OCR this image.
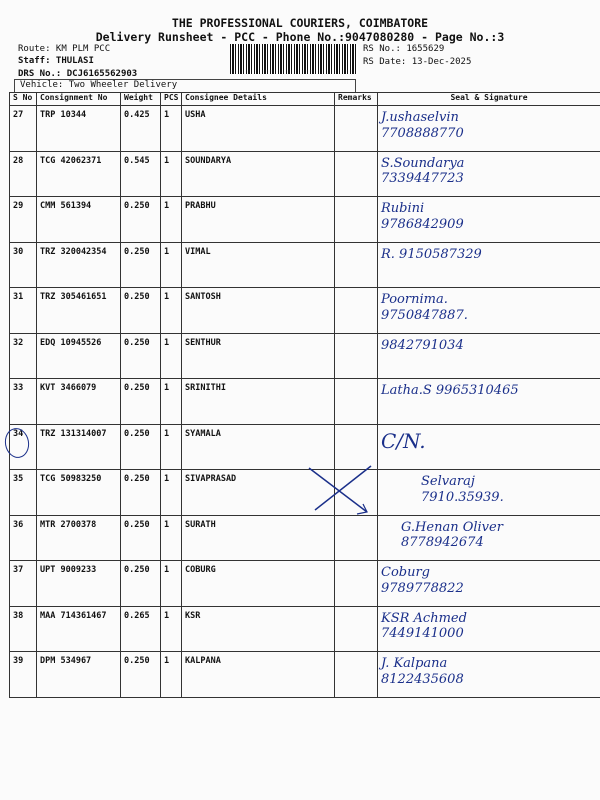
THE PROFESSIONAL COURIERS, COIMBATORE
Delivery Runsheet - PCC - Phone No.:9047080280 - Page No.:3
Route: KM PLM PCC
Staff: THULASI
DRS No.: DCJ6165562903
RS No.: 1655629
RS Date: 13-Dec-2025
Vehicle: Two Wheeler Delivery
S No	Consignment No	Weight	PCS	Consignee Details	Remarks	Seal & Signature
27	TRP 10344	0.425	1	USHA		J.ushaselvin
7708888770

28	TCG 42062371	0.545	1	SOUNDARYA		S.Soundarya
7339447723

29	CMM 561394	0.250	1	PRABHU		Rubini
9786842909

30	TRZ 320042354	0.250	1	VIMAL		R. 9150587329

31	TRZ 305461651	0.250	1	SANTOSH		Poornima.
9750847887.

32	EDQ 10945526	0.250	1	SENTHUR		9842791034

33	KVT 3466079	0.250	1	SRINITHI		Latha.S 9965310465

34	TRZ 131314007	0.250	1	SYAMALA		C/N.

35	TCG 50983250	0.250	1	SIVAPRASAD		Selvaraj
7910.35939.

36	MTR 2700378	0.250	1	SURATH		G.Henan Oliver
8778942674

37	UPT 9009233	0.250	1	COBURG		Coburg
9789778822

38	MAA 714361467	0.265	1	KSR		KSR Achmed
7449141000

39	DPM 534967	0.250	1	KALPANA		J. Kalpana
8122435608
